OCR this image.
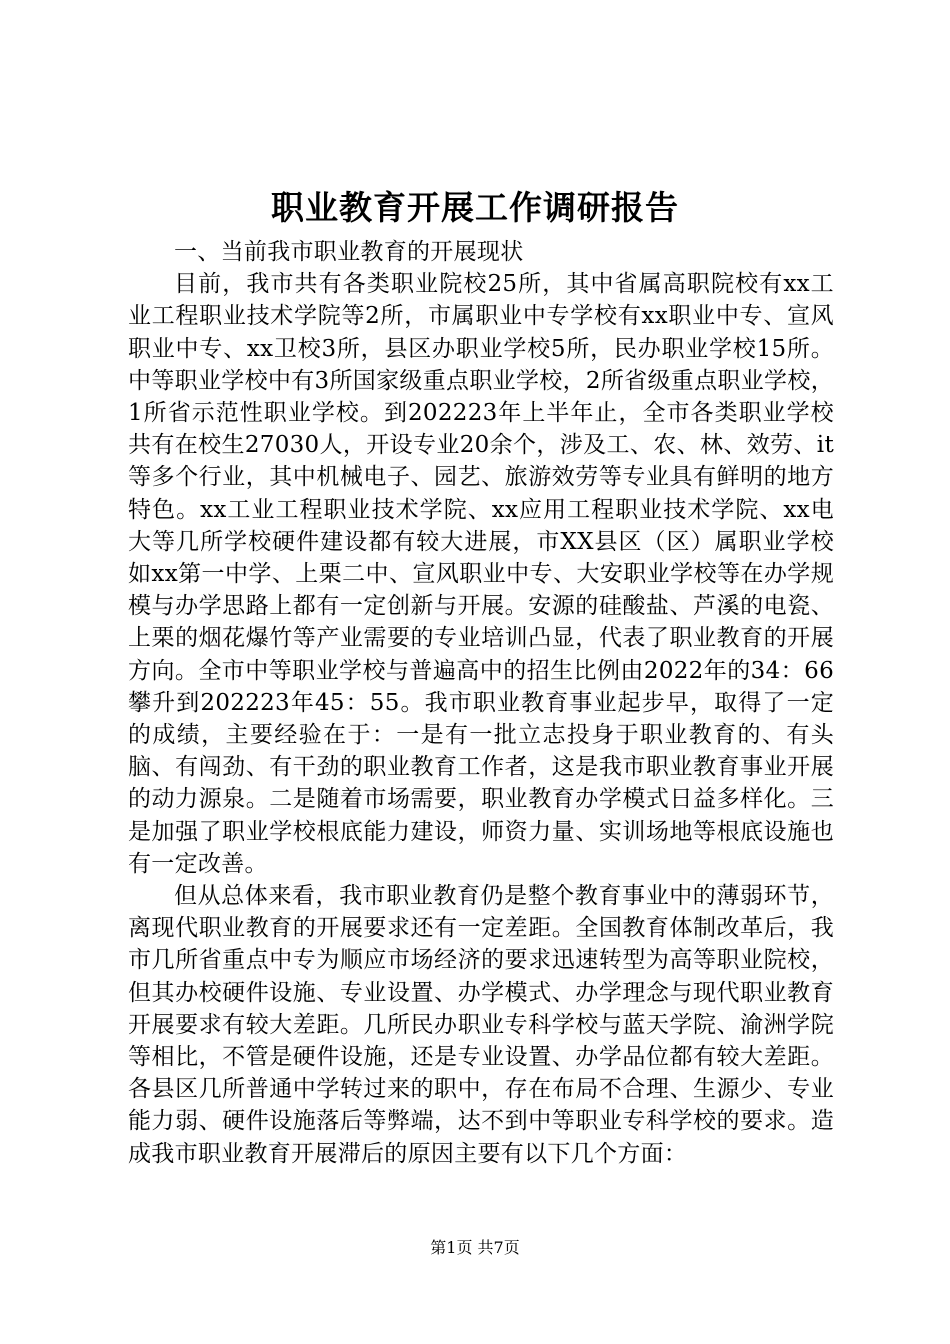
职业教育开展工作调研报告

一、当前我市职业教育的开展现状

目前，我市共有各类职业院校25所，其中省属高职院校有xx工业工程职业技术学院等2所，市属职业中专学校有xx职业中专、宣风职业中专、xx卫校3所，县区办职业学校5所，民办职业学校15所。中等职业学校中有3所国家级重点职业学校，2所省级重点职业学校，1所省示范性职业学校。到202223年上半年止，全市各类职业学校共有在校生27030人，开设专业20余个，涉及工、农、林、效劳、it等多个行业，其中机械电子、园艺、旅游效劳等专业具有鲜明的地方特色。xx工业工程职业技术学院、xx应用工程职业技术学院、xx电大等几所学校硬件建设都有较大进展，市XX县区（区）属职业学校如xx第一中学、上栗二中、宣风职业中专、大安职业学校等在办学规模与办学思路上都有一定创新与开展。安源的硅酸盐、芦溪的电瓷、上栗的烟花爆竹等产业需要的专业培训凸显，代表了职业教育的开展方向。全市中等职业学校与普遍高中的招生比例由2022年的34：66攀升到202223年45：55。我市职业教育事业起步早，取得了一定的成绩，主要经验在于：一是有一批立志投身于职业教育的、有头脑、有闯劲、有干劲的职业教育工作者，这是我市职业教育事业开展的动力源泉。二是随着市场需要，职业教育办学模式日益多样化。三是加强了职业学校根底能力建设，师资力量、实训场地等根底设施也有一定改善。

但从总体来看，我市职业教育仍是整个教育事业中的薄弱环节，离现代职业教育的开展要求还有一定差距。全国教育体制改革后，我市几所省重点中专为顺应市场经济的要求迅速转型为高等职业院校，但其办校硬件设施、专业设置、办学模式、办学理念与现代职业教育开展要求有较大差距。几所民办职业专科学校与蓝天学院、渝洲学院等相比，不管是硬件设施，还是专业设置、办学品位都有较大差距。各县区几所普通中学转过来的职中，存在布局不合理、生源少、专业能力弱、硬件设施落后等弊端，达不到中等职业专科学校的要求。造成我市职业教育开展滞后的原因主要有以下几个方面：

第1页 共7页
